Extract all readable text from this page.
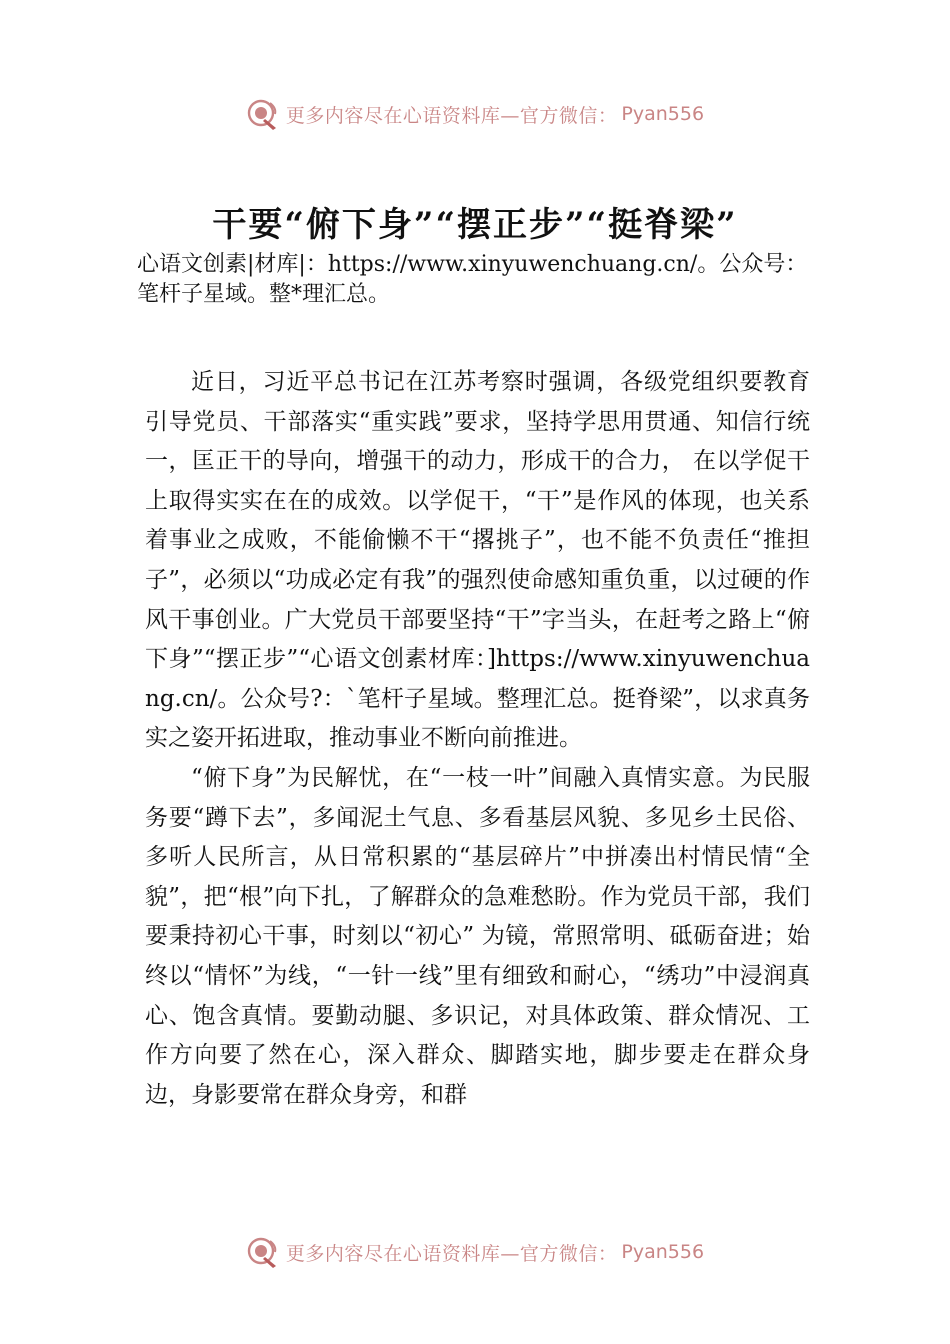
更多内容尽在心语资料库—官方微信： Pyan556
干要“俯下身”“摆正步”“挺脊梁”
心语文创素|材库|：https://www.xinyuwenchuang.cn/。公众号：笔杆子星域。整*理汇总。

近日，习近平总书记在江苏考察时强调，各级党组织要教育引导党员、干部落实“重实践”要求，坚持学思用贯通、知信行统一，匡正干的导向，增强干的动力，形成干的合力， 在以学促干上取得实实在在的成效。以学促干，“干”是作风的体现，也关系着事业之成败，不能偷懒不干“撂挑子”，也不能不负责任“推担子”，必须以“功成必定有我”的强烈使命感知重负重，以过硬的作风干事创业。广大党员干部要坚持“干”字当头，在赶考之路上“俯下身”“摆正步”“心语文创素材库：]https://www.xinyuwenchuang.cn/。公众号?：`笔杆子星域。整理汇总。挺脊梁”，以求真务实之姿开拓进取，推动事业不断向前推进。

“俯下身”为民解忧，在“一枝一叶”间融入真情实意。为民服务要“蹲下去”，多闻泥土气息、多看基层风貌、多见乡土民俗、多听人民所言，从日常积累的“基层碎片”中拼凑出村情民情“全貌”，把“根”向下扎，了解群众的急难愁盼。作为党员干部，我们要秉持初心干事，时刻以“初心” 为镜，常照常明、砥砺奋进；始终以“情怀”为线，“一针一线”里有细致和耐心，“绣功”中浸润真心、饱含真情。要勤动腿、多识记，对具体政策、群众情况、工作方向要了然在心，深入群众、脚踏实地，脚步要走在群众身边，身影要常在群众身旁，和群

更多内容尽在心语资料库—官方微信： Pyan556
